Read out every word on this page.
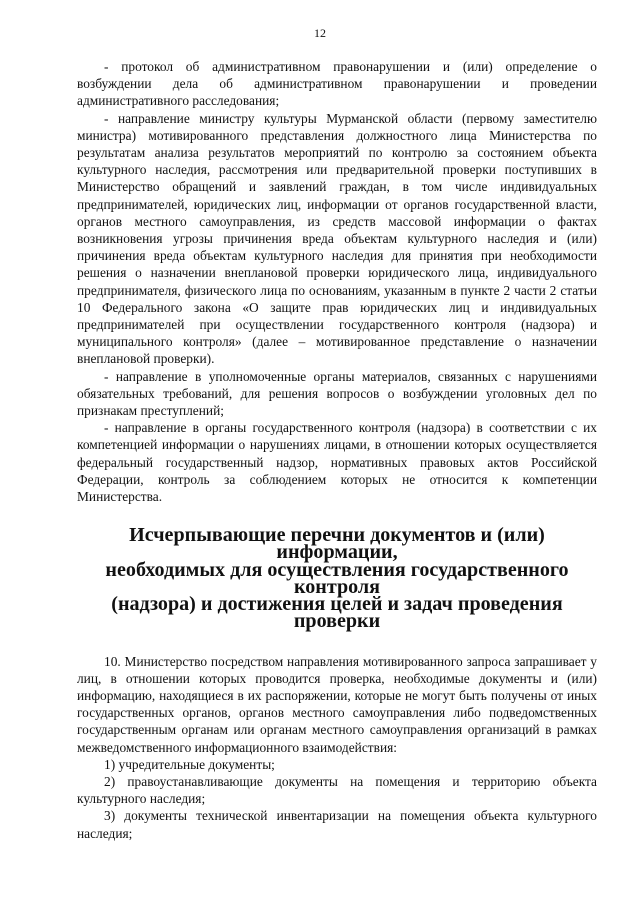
12

- протокол об административном правонарушении и (или) определение о возбуждении дела об административном правонарушении и проведении административного расследования;

- направление министру культуры Мурманской области (первому заместителю министра) мотивированного представления должностного лица Министерства по результатам анализа результатов мероприятий по контролю за состоянием объекта культурного наследия, рассмотрения или предварительной проверки поступивших в Министерство обращений и заявлений граждан, в том числе индивидуальных предпринимателей, юридических лиц, информации от органов государственной власти, органов местного самоуправления, из средств массовой информации о фактах возникновения угрозы причинения вреда объектам культурного наследия и (или) причинения вреда объектам культурного наследия для принятия при необходимости решения о назначении внеплановой проверки юридического лица, индивидуального предпринимателя, физического лица по основаниям, указанным в пункте 2 части 2 статьи 10 Федерального закона «О защите прав юридических лиц и индивидуальных предпринимателей при осуществлении государственного контроля (надзора) и муниципального контроля» (далее – мотивированное представление о назначении внеплановой проверки).

- направление в уполномоченные органы материалов, связанных с нарушениями обязательных требований, для решения вопросов о возбуждении уголовных дел по признакам преступлений;

- направление в органы государственного контроля (надзора) в соответствии с их компетенцией информации о нарушениях лицами, в отношении которых осуществляется федеральный государственный надзор, нормативных правовых актов Российской Федерации, контроль за соблюдением которых не относится к компетенции Министерства.

Исчерпывающие перечни документов и (или) информации,
необходимых для осуществления государственного контроля
(надзора) и достижения целей и задач проведения проверки

10. Министерство посредством направления мотивированного запроса запрашивает у лиц, в отношении которых проводится проверка, необходимые документы и (или) информацию, находящиеся в их распоряжении, которые не могут быть получены от иных государственных органов, органов местного самоуправления либо подведомственных государственным органам или органам местного самоуправления организаций в рамках межведомственного информационного взаимодействия:

1) учредительные документы;

2) правоустанавливающие документы на помещения и территорию объекта культурного наследия;

3) документы технической инвентаризации на помещения объекта культурного наследия;
